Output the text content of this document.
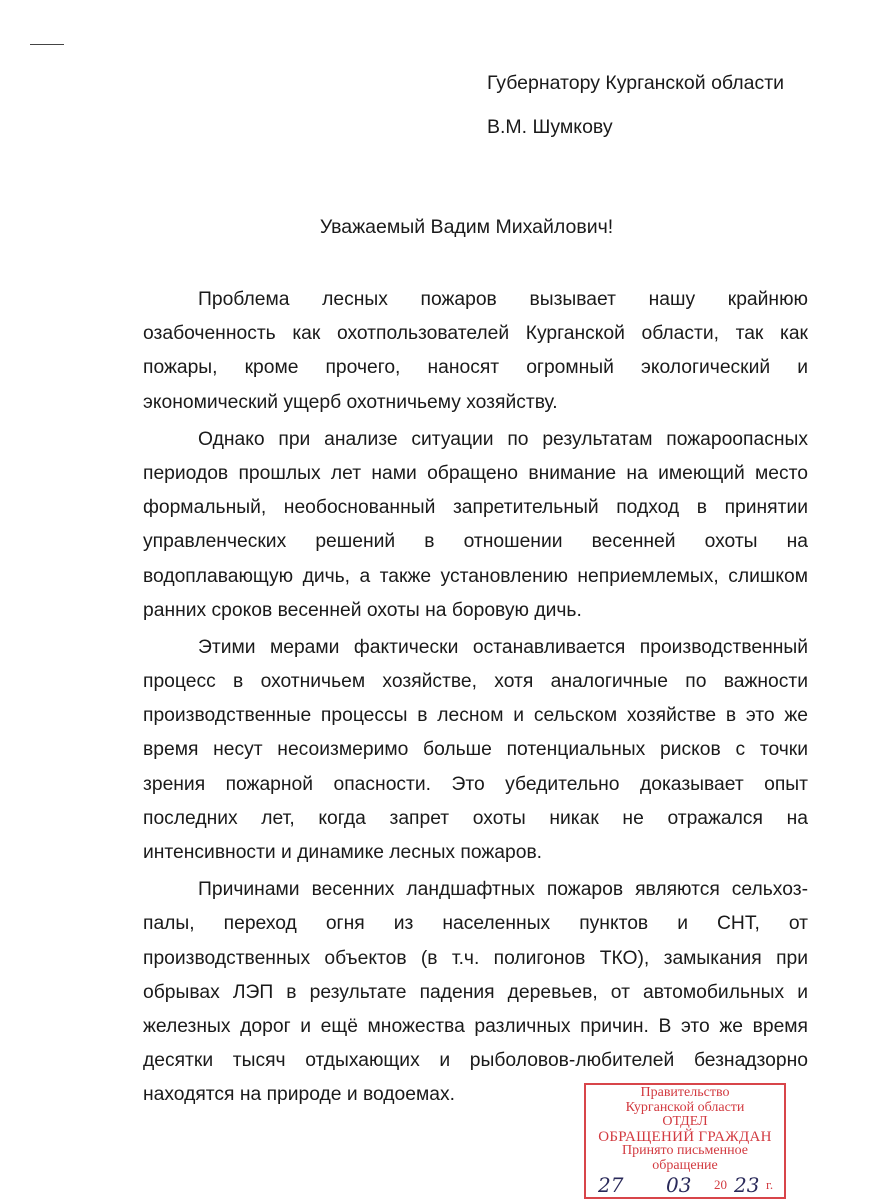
Губернатору Курганской области
В.М. Шумкову
Уважаемый Вадим Михайлович!
Проблема лесных пожаров вызывает нашу крайнюю
озабоченность как охотпользователей Курганской области, так как
пожары, кроме прочего, наносят огромный экологический и
экономический ущерб охотничьему хозяйству.
Однако при анализе ситуации по результатам пожароопасных
периодов прошлых лет нами обращено внимание на имеющий место
формальный, необоснованный запретительный подход в принятии
управленческих решений в отношении весенней охоты на
водоплавающую дичь, а также установлению неприемлемых, слишком
ранних сроков весенней охоты на боровую дичь.
Этими мерами фактически останавливается производственный
процесс в охотничьем хозяйстве, хотя аналогичные по важности
производственные процессы в лесном и сельском хозяйстве в это же
время несут несоизмеримо больше потенциальных рисков с точки
зрения пожарной опасности. Это убедительно доказывает опыт
последних лет, когда запрет охоты никак не отражался на
интенсивности и динамике лесных пожаров.
Причинами весенних ландшафтных пожаров являются сельхоз-
палы, переход огня из населенных пунктов и СНТ, от
производственных объектов (в т.ч. полигонов ТКО), замыкания при
обрывах ЛЭП в результате падения деревьев, от автомобильных и
железных дорог и ещё множества различных причин. В это же время
десятки тысяч отдыхающих и рыболовов-любителей безнадзорно
находятся на природе и водоемах.	Правительство
Курганской области
ОТДЕЛ
ОБРАЩЕНИЙ ГРАЖДАН
Принято письменное
обращение
27 03 20 23 г.
